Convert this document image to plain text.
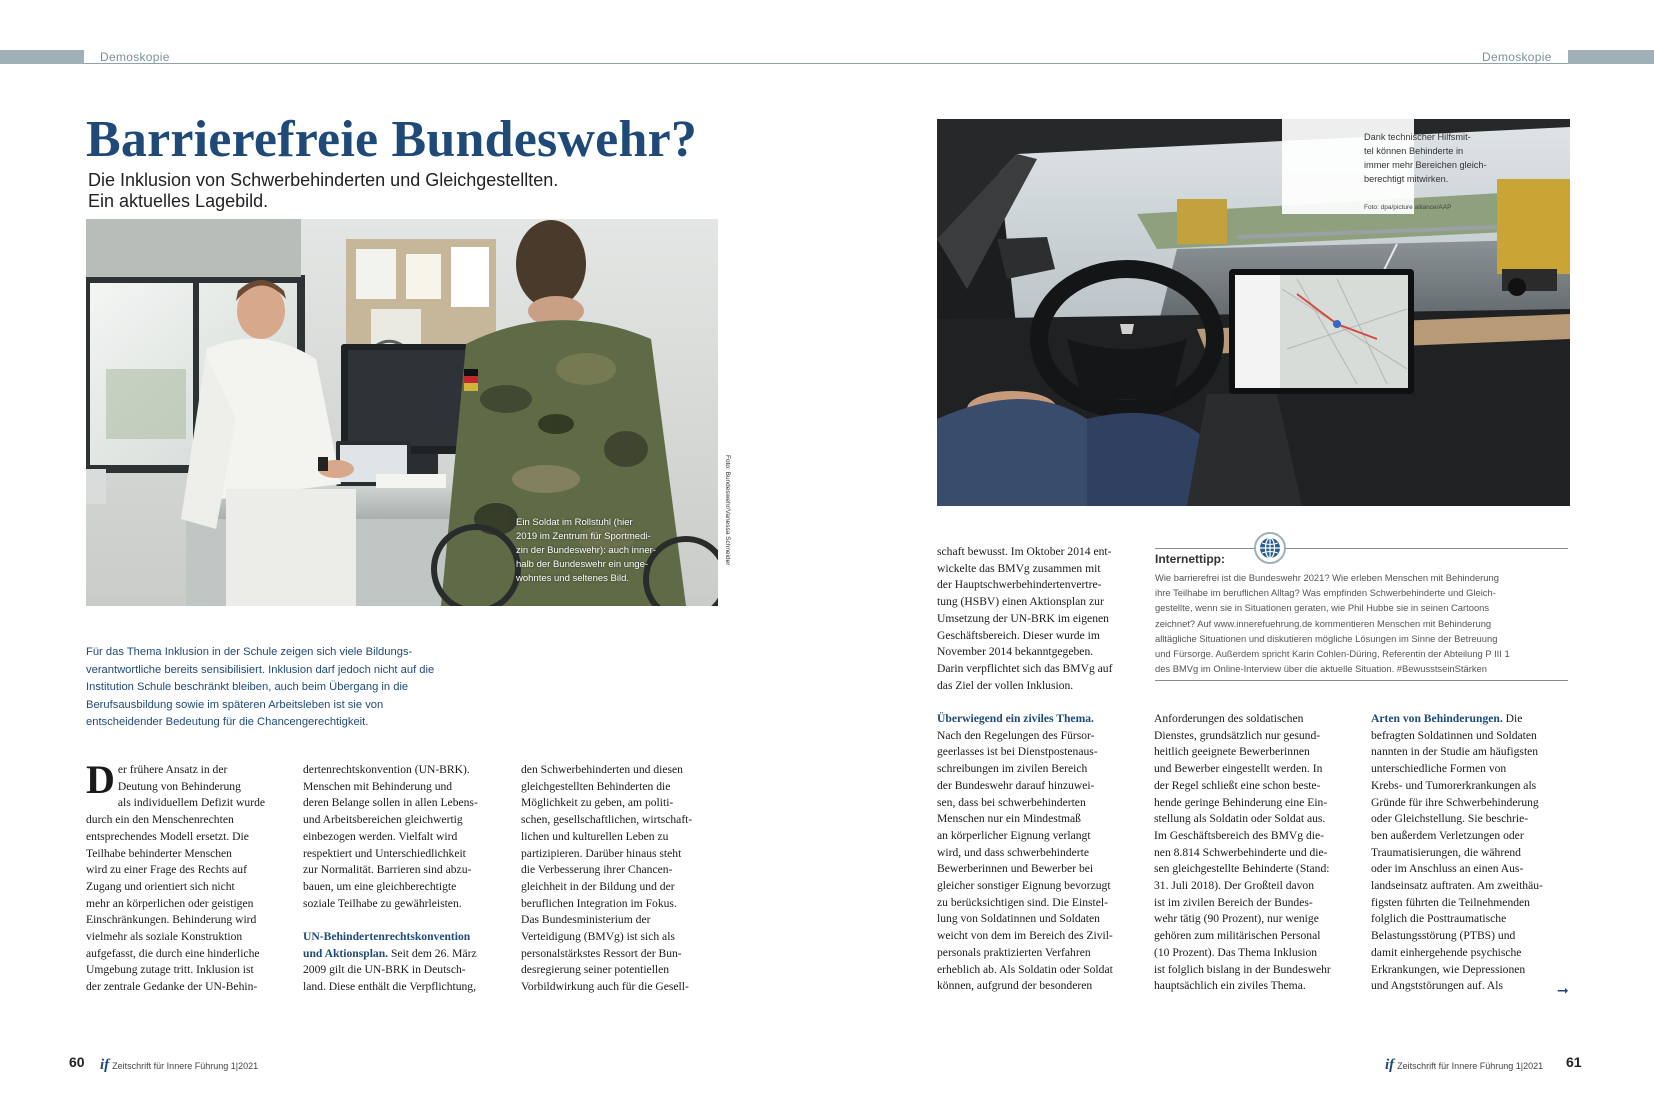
Demoskopie	Demoskopie
Barrierefreie Bundeswehr?
Die Inklusion von Schwerbehinderten und Gleichgestellten.
Ein aktuelles Lagebild.
Ein Soldat im Rollstuhl (hier
2019 im Zentrum für Sportmedi-
zin der Bundeswehr): auch inner-
halb der Bundeswehr ein unge-
wohntes und seltenes Bild.
Foto: Bundeswehr/Vanessa Schneider

Für das Thema Inklusion in der Schule zeigen sich viele Bildungsverantwortliche bereits sensibilisiert. Inklusion darf jedoch nicht auf die Institution Schule beschränkt bleiben, auch beim Übergang in die Berufsausbildung sowie im späteren Arbeitsleben ist sie von entscheidender Bedeutung für die Chancengerechtigkeit.

D er frühere Ansatz in der
Deutung von Behinderung
als individuellem Defizit wurde
durch ein den Menschenrechten
entsprechendes Modell ersetzt. Die
Teilhabe behinderter Menschen
wird zu einer Frage des Rechts auf
Zugang und orientiert sich nicht
mehr an körperlichen oder geistigen
Einschränkungen. Behinderung wird
vielmehr als soziale Konstruktion
aufgefasst, die durch eine hinderliche
Umgebung zutage tritt. Inklusion ist
der zentrale Gedanke der UN-Behin-

dertenrechtskonvention (UN-BRK).
Menschen mit Behinderung und
deren Belange sollen in allen Lebens-
und Arbeitsbereichen gleichwertig
einbezogen werden. Vielfalt wird
respektiert und Unterschiedlichkeit
zur Normalität. Barrieren sind abzu-
bauen, um eine gleichberechtigte
soziale Teilhabe zu gewährleisten.

UN-Behindertenrechtskonvention
und Aktionsplan. Seit dem 26. März
2009 gilt die UN-BRK in Deutsch-
land. Diese enthält die Verpflichtung,

den Schwerbehinderten und diesen
gleichgestellten Behinderten die
Möglichkeit zu geben, am politi-
schen, gesellschaftlichen, wirtschaft-
lichen und kulturellen Leben zu
partizipieren. Darüber hinaus steht
die Verbesserung ihrer Chancen-
gleichheit in der Bildung und der
beruflichen Integration im Fokus.
Das Bundesministerium der
Verteidigung (BMVg) ist sich als
personalstärkstes Ressort der Bun-
desregierung seiner potentiellen
Vorbildwirkung auch für die Gesell-

Dank technischer Hilfsmit-
tel können Behinderte in
immer mehr Bereichen gleich-
berechtigt mitwirken.
Foto: dpa/picture alliance/AAP

schaft bewusst. Im Oktober 2014 ent-
wickelte das BMVg zusammen mit
der Hauptschwerbehindertenvertre-
tung (HSBV) einen Aktionsplan zur
Umsetzung der UN-BRK im eigenen
Geschäftsbereich. Dieser wurde im
November 2014 bekanntgegeben.
Darin verpflichtet sich das BMVg auf
das Ziel der vollen Inklusion.

Überwiegend ein ziviles Thema.

Nach den Regelungen des Fürsor-
geerlasses ist bei Dienstpostenaus-
schreibungen im zivilen Bereich
der Bundeswehr darauf hinzuwei-
sen, dass bei schwerbehinderten
Menschen nur ein Mindestmaß
an körperlicher Eignung verlangt
wird, und dass schwerbehinderte
Bewerberinnen und Bewerber bei
gleicher sonstiger Eignung bevorzugt
zu berücksichtigen sind. Die Einstel-
lung von Soldatinnen und Soldaten
weicht von dem im Bereich des Zivil-
personals praktizierten Verfahren
erheblich ab. Als Soldatin oder Soldat
können, aufgrund der besonderen

Internettipp:
Wie barrierefrei ist die Bundeswehr 2021? Wie erleben Menschen mit Behinderung
ihre Teilhabe im beruflichen Alltag? Was empfinden Schwerbehinderte und Gleich-
gestellte, wenn sie in Situationen geraten, wie Phil Hubbe sie in seinen Cartoons
zeichnet? Auf www.innerefuehrung.de kommentieren Menschen mit Behinderung
alltägliche Situationen und diskutieren mögliche Lösungen im Sinne der Betreuung
und Fürsorge. Außerdem spricht Karin Cohlen-Düring, Referentin der Abteilung P III 1
des BMVg im Online-Interview über die aktuelle Situation. #BewusstseinStärken

Anforderungen des soldatischen
Dienstes, grundsätzlich nur gesund-
heitlich geeignete Bewerberinnen
und Bewerber eingestellt werden. In
der Regel schließt eine schon beste-
hende geringe Behinderung eine Ein-
stellung als Soldatin oder Soldat aus.
Im Geschäftsbereich des BMVg die-
nen 8.814 Schwerbehinderte und die-
sen gleichgestellte Behinderte (Stand:
31. Juli 2018). Der Großteil davon
ist im zivilen Bereich der Bundes-
wehr tätig (90 Prozent), nur wenige
gehören zum militärischen Personal
(10 Prozent). Das Thema Inklusion
ist folglich bislang in der Bundeswehr
hauptsächlich ein ziviles Thema.

Arten von Behinderungen. Die
befragten Soldatinnen und Soldaten
nannten in der Studie am häufigsten
unterschiedliche Formen von
Krebs- und Tumorerkrankungen als
Gründe für ihre Schwerbehinderung
oder Gleichstellung. Sie beschrie-
ben außerdem Verletzungen oder
Traumatisierungen, die während
oder im Anschluss an einen Aus-
landseinsatz auftraten. Am zweithäu-
figsten führten die Teilnehmenden
folglich die Posttraumatische
Belastungsstörung (PTBS) und
damit einhergehende psychische
Erkrankungen, wie Depressionen
und Angststörungen auf. Als	➞
60 if Zeitschrift für Innere Führung 1|2021	if Zeitschrift für Innere Führung 1|2021 61
